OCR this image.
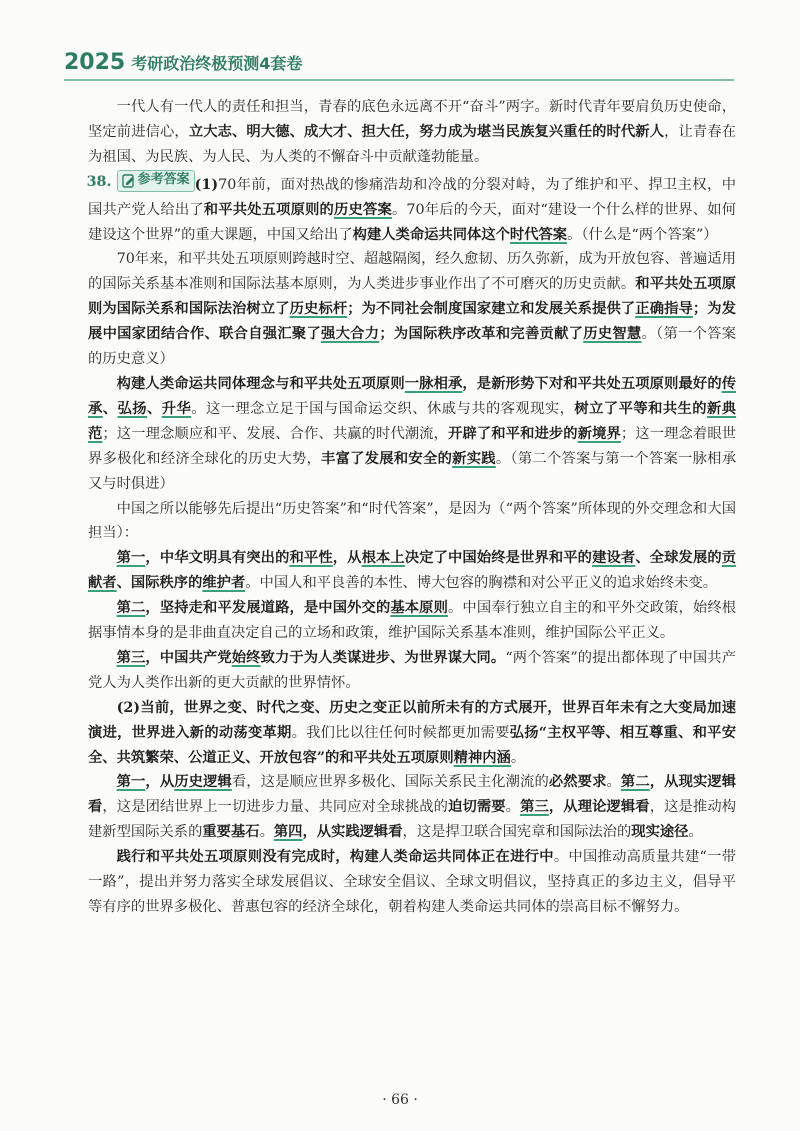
2025 考研政治终极预测4套卷

一代人有一代人的责任和担当，青春的底色永远离不开“奋斗”两字。新时代青年要肩负历史使命，坚定前进信心，立大志、明大德、成大才、担大任，努力成为堪当民族复兴重任的时代新人，让青春在为祖国、为民族、为人民、为人类的不懈奋斗中贡献蓬勃能量。

38. 参考答案 (1)70年前，面对热战的惨痛浩劫和冷战的分裂对峙，为了维护和平、捍卫主权，中国共产党人给出了和平共处五项原则的历史答案。70年后的今天，面对“建设一个什么样的世界、如何建设这个世界”的重大课题，中国又给出了构建人类命运共同体这个时代答案。（什么是“两个答案”）

70年来，和平共处五项原则跨越时空、超越隔阂，经久愈韧、历久弥新，成为开放包容、普遍适用的国际关系基本准则和国际法基本原则，为人类进步事业作出了不可磨灭的历史贡献。和平共处五项原则为国际关系和国际法治树立了历史标杆；为不同社会制度国家建立和发展关系提供了正确指导；为发展中国家团结合作、联合自强汇聚了强大合力；为国际秩序改革和完善贡献了历史智慧。（第一个答案的历史意义）

构建人类命运共同体理念与和平共处五项原则一脉相承，是新形势下对和平共处五项原则最好的传承、弘扬、升华。这一理念立足于国与国命运交织、休戚与共的客观现实，树立了平等和共生的新典范；这一理念顺应和平、发展、合作、共赢的时代潮流，开辟了和平和进步的新境界；这一理念着眼世界多极化和经济全球化的历史大势，丰富了发展和安全的新实践。（第二个答案与第一个答案一脉相承又与时俱进）

中国之所以能够先后提出“历史答案”和“时代答案”，是因为（“两个答案”所体现的外交理念和大国担当）：

第一，中华文明具有突出的和平性，从根本上决定了中国始终是世界和平的建设者、全球发展的贡献者、国际秩序的维护者。中国人和平良善的本性、博大包容的胸襟和对公平正义的追求始终未变。

第二，坚持走和平发展道路，是中国外交的基本原则。中国奉行独立自主的和平外交政策，始终根据事情本身的是非曲直决定自己的立场和政策，维护国际关系基本准则，维护国际公平正义。

第三，中国共产党始终致力于为人类谋进步、为世界谋大同。“两个答案”的提出都体现了中国共产党人为人类作出新的更大贡献的世界情怀。

(2)当前，世界之变、时代之变、历史之变正以前所未有的方式展开，世界百年未有之大变局加速演进，世界进入新的动荡变革期。我们比以往任何时候都更加需要弘扬“主权平等、相互尊重、和平安全、共筑繁荣、公道正义、开放包容”的和平共处五项原则精神内涵。

第一，从历史逻辑看，这是顺应世界多极化、国际关系民主化潮流的必然要求。第二，从现实逻辑看，这是团结世界上一切进步力量、共同应对全球挑战的迫切需要。第三，从理论逻辑看，这是推动构建新型国际关系的重要基石。第四，从实践逻辑看，这是捍卫联合国宪章和国际法治的现实途径。

践行和平共处五项原则没有完成时，构建人类命运共同体正在进行中。中国推动高质量共建“一带一路”，提出并努力落实全球发展倡议、全球安全倡议、全球文明倡议，坚持真正的多边主义，倡导平等有序的世界多极化、普惠包容的经济全球化，朝着构建人类命运共同体的崇高目标不懈努力。

· 66 ·
